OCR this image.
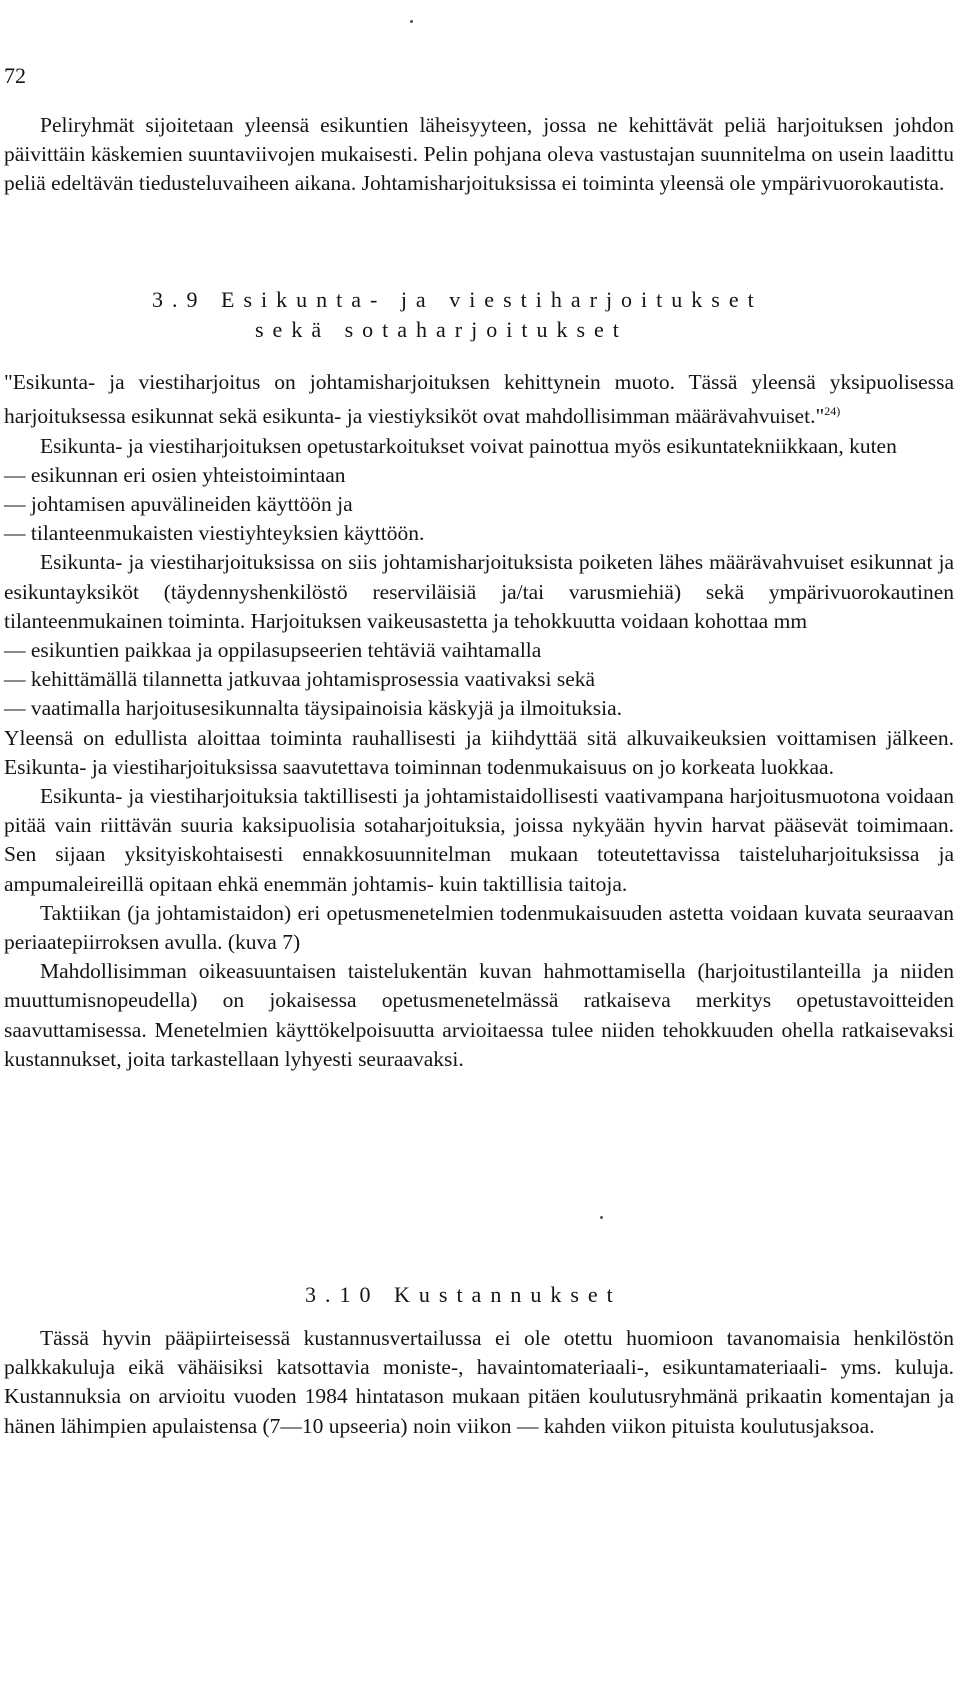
72

Peliryhmät sijoitetaan yleensä esikuntien läheisyyteen, jossa ne kehittävät peliä harjoituksen johdon päivittäin käskemien suuntaviivojen mukaisesti. Pelin pohjana oleva vastustajan suunnitelma on usein laadittu peliä edeltävän tiedusteluvaiheen aikana. Johtamisharjoituksissa ei toiminta yleensä ole ympärivuorokautista.

3.9 Esikunta- ja viestiharjoitukset
sekä sotaharjoitukset

"Esikunta- ja viestiharjoitus on johtamisharjoituksen kehittynein muoto. Tässä yleensä yksipuolisessa harjoituksessa esikunnat sekä esikunta- ja viestiyksiköt ovat mahdollisimman määrävahvuiset."$^{24)}$

Esikunta- ja viestiharjoituksen opetustarkoitukset voivat painottua myös esikuntatekniikkaan, kuten

— esikunnan eri osien yhteistoimintaan

— johtamisen apuvälineiden käyttöön ja

— tilanteenmukaisten viestiyhteyksien käyttöön.

Esikunta- ja viestiharjoituksissa on siis johtamisharjoituksista poiketen lähes määrävahvuiset esikunnat ja esikuntayksiköt (täydennyshenkilöstö reserviläisiä ja/tai varusmiehiä) sekä ympärivuorokautinen tilanteenmukainen toiminta. Harjoituksen vaikeusastetta ja tehokkuutta voidaan kohottaa mm

— esikuntien paikkaa ja oppilasupseerien tehtäviä vaihtamalla

— kehittämällä tilannetta jatkuvaa johtamisprosessia vaativaksi sekä

— vaatimalla harjoitusesikunnalta täysipainoisia käskyjä ja ilmoituksia.

Yleensä on edullista aloittaa toiminta rauhallisesti ja kiihdyttää sitä alkuvaikeuksien voittamisen jälkeen. Esikunta- ja viestiharjoituksissa saavutettava toiminnan todenmukaisuus on jo korkeata luokkaa.

Esikunta- ja viestiharjoituksia taktillisesti ja johtamistaidollisesti vaativampana harjoitusmuotona voidaan pitää vain riittävän suuria kaksipuolisia sotaharjoituksia, joissa nykyään hyvin harvat pääsevät toimimaan. Sen sijaan yksityiskohtaisesti ennakkosuunnitelman mukaan toteutettavissa taisteluharjoituksissa ja ampumaleireillä opitaan ehkä enemmän johtamis- kuin taktillisia taitoja.

Taktiikan (ja johtamistaidon) eri opetusmenetelmien todenmukaisuuden astetta voidaan kuvata seuraavan periaatepiirroksen avulla. (kuva 7)

Mahdollisimman oikeasuuntaisen taistelukentän kuvan hahmottamisella (harjoitustilanteilla ja niiden muuttumisnopeudella) on jokaisessa opetusmenetelmässä ratkaiseva merkitys opetustavoitteiden saavuttamisessa. Menetelmien käyttökelpoisuutta arvioitaessa tulee niiden tehokkuuden ohella ratkaisevaksi kustannukset, joita tarkastellaan lyhyesti seuraavaksi.

3.10 Kustannukset

Tässä hyvin pääpiirteisessä kustannusvertailussa ei ole otettu huomioon tavanomaisia henkilöstön palkkakuluja eikä vähäisiksi katsottavia moniste-, havaintomateriaali-, esikuntamateriaali- yms. kuluja. Kustannuksia on arvioitu vuoden 1984 hintatason mukaan pitäen koulutusryhmänä prikaatin komentajan ja hänen lähimpien apulaistensa (7—10 upseeria) noin viikon — kahden viikon pituista koulutusjaksoa.
